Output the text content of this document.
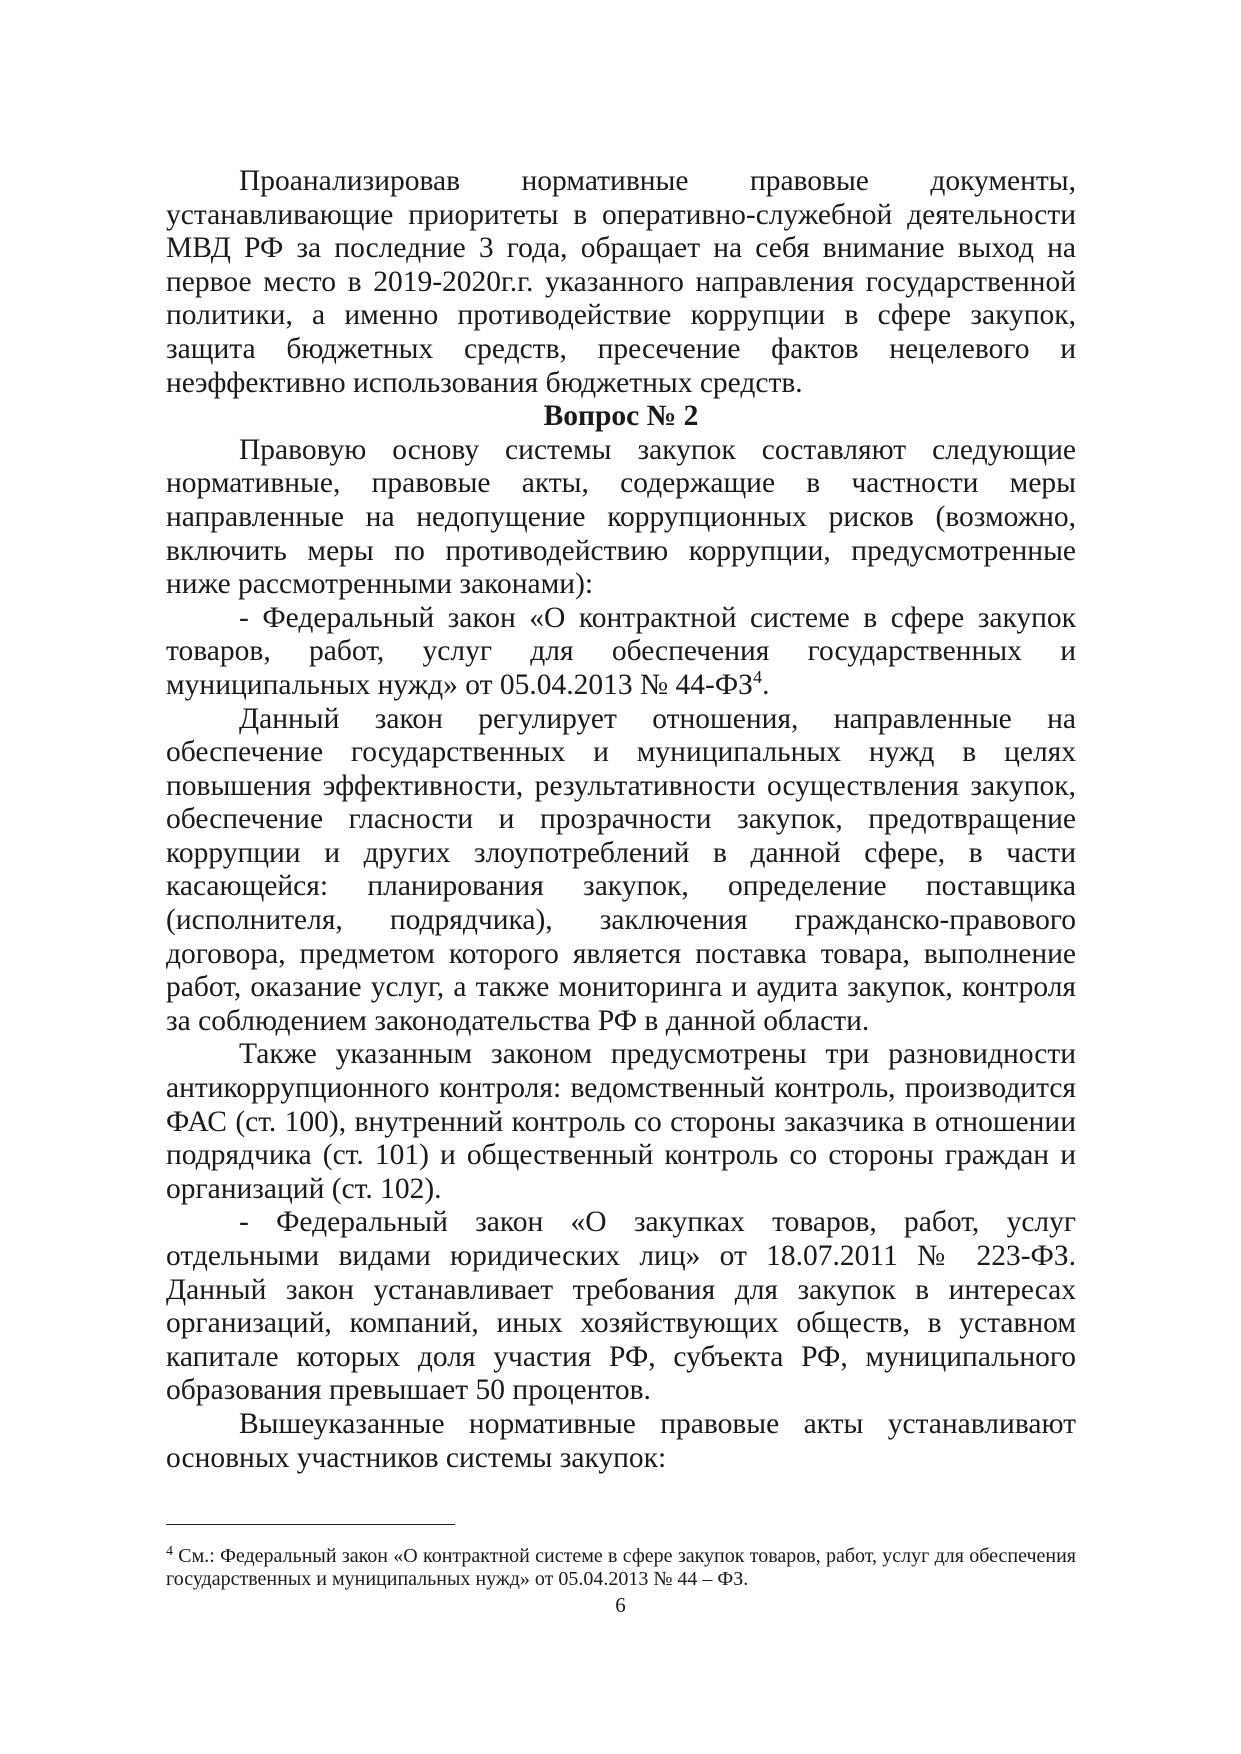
Проанализировав нормативные правовые документы, устанавливающие приоритеты в оперативно-служебной деятельности МВД РФ за последние 3 года, обращает на себя внимание выход на первое место в 2019-2020г.г. указанного направления государственной политики, а именно противодействие коррупции в сфере закупок, защита бюджетных средств, пресечение фактов нецелевого и неэффективно использования бюджетных средств.

Вопрос № 2

Правовую основу системы закупок составляют следующие нормативные, правовые акты, содержащие в частности меры направленные на недопущение коррупционных рисков (возможно, включить меры по противодействию коррупции, предусмотренные ниже рассмотренными законами):

- Федеральный закон «О контрактной системе в сфере закупок товаров, работ, услуг для обеспечения государственных и муниципальных нужд» от 05.04.2013 № $44-ФЗ^4$.

Данный закон регулирует отношения, направленные на обеспечение государственных и муниципальных нужд в целях повышения эффективности, результативности осуществления закупок, обеспечение гласности и прозрачности закупок, предотвращение коррупции и других злоупотреблений в данной сфере, в части касающейся: планирования закупок, определение поставщика (исполнителя, подрядчика), заключения гражданско-правового договора, предметом которого является поставка товара, выполнение работ, оказание услуг, а также мониторинга и аудита закупок, контроля за соблюдением законодательства РФ в данной области.

Также указанным законом предусмотрены три разновидности антикоррупционного контроля: ведомственный контроль, производится ФАС (ст. 100), внутренний контроль со стороны заказчика в отношении подрядчика (ст. 101) и общественный контроль со стороны граждан и организаций (ст. 102).

- Федеральный закон «О закупках товаров, работ, услуг отдельными видами юридических лиц» от 18.07.2011 № 223-ФЗ. Данный закон устанавливает требования для закупок в интересах организаций, компаний, иных хозяйствующих обществ, в уставном капитале которых доля участия РФ, субъекта РФ, муниципального образования превышает 50 процентов.

Вышеуказанные нормативные правовые акты устанавливают основных участников системы закупок:

$^4$ См.: Федеральный закон «О контрактной системе в сфере закупок товаров, работ, услуг для обеспечения государственных и муниципальных нужд» от 05.04.2013 № 44 – ФЗ.

6
